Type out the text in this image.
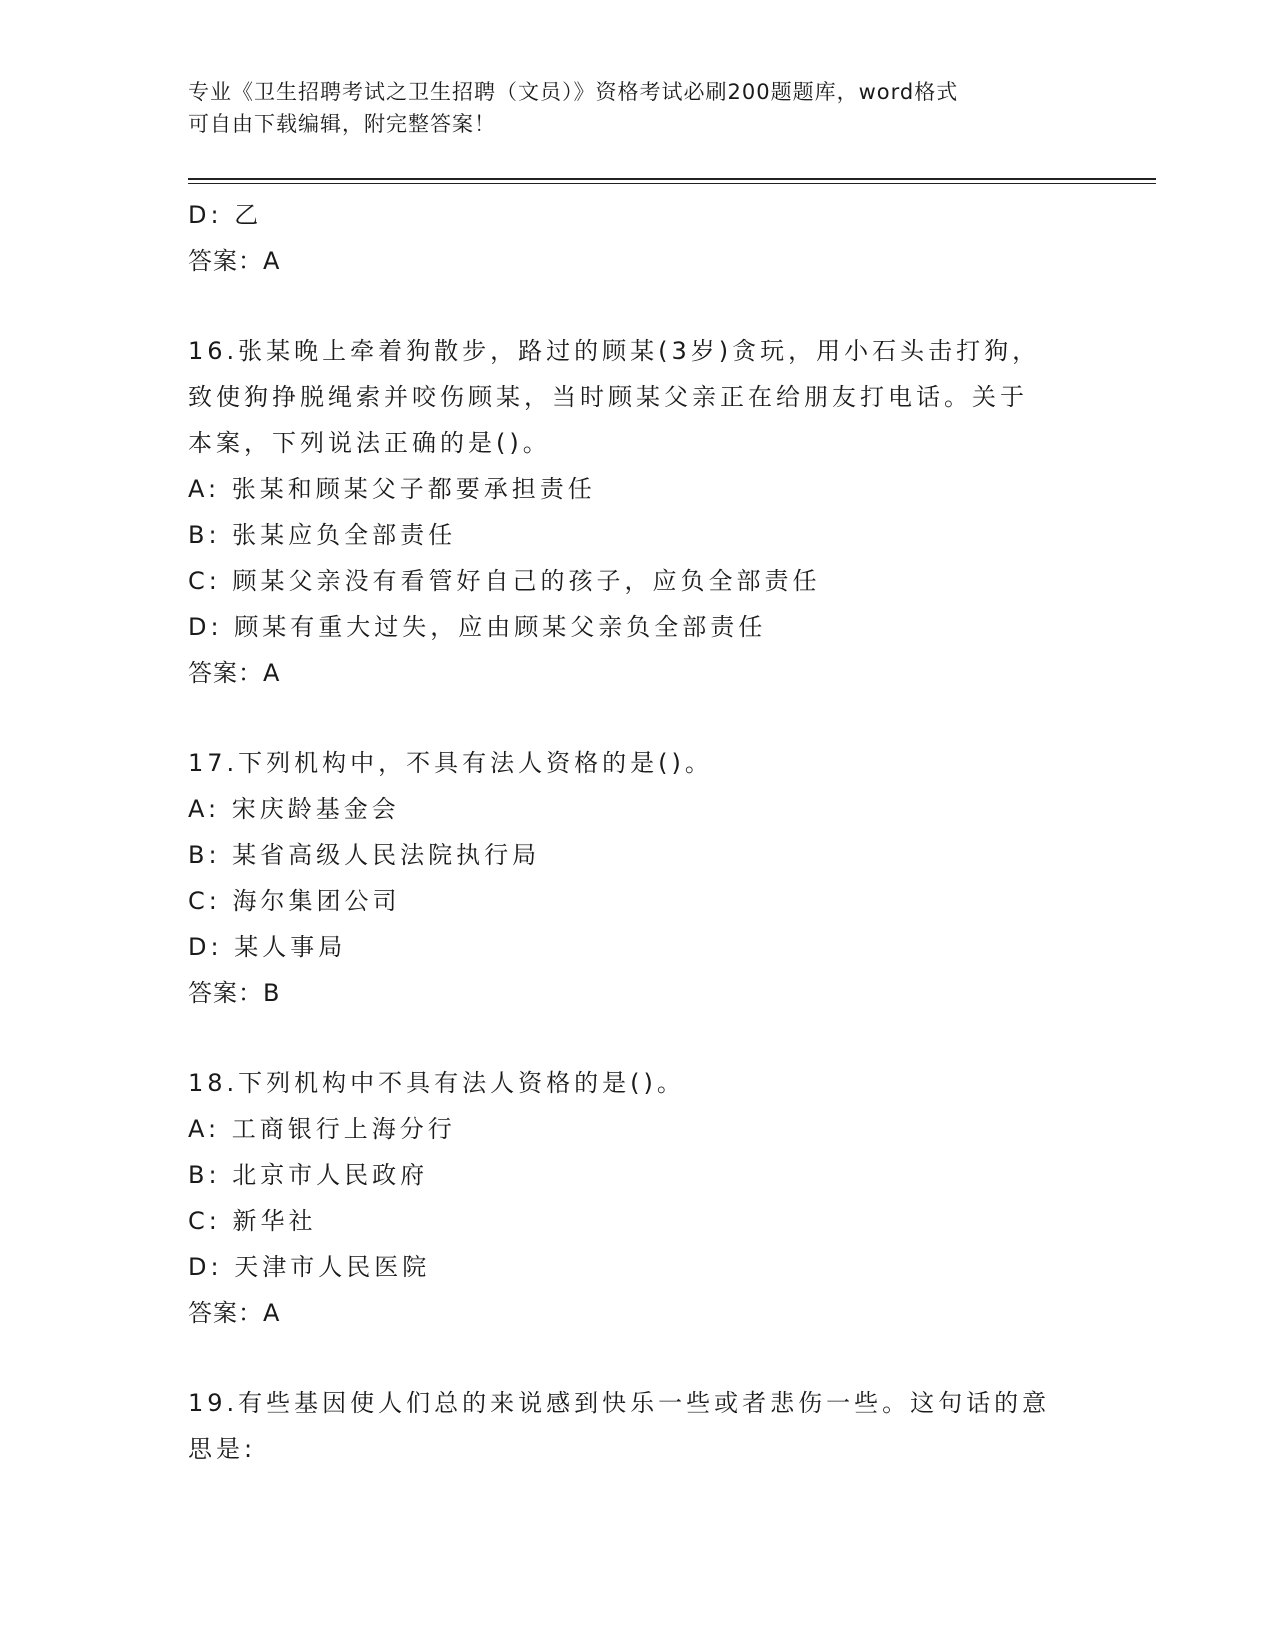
专业《卫生招聘考试之卫生招聘（文员）》资格考试必刷200题题库，word格式
可自由下载编辑，附完整答案！
D: 乙
答案：A
16.张某晚上牵着狗散步，路过的顾某(3岁)贪玩，用小石头击打狗，
致使狗挣脱绳索并咬伤顾某，当时顾某父亲正在给朋友打电话。关于
本案，下列说法正确的是()。
A: 张某和顾某父子都要承担责任
B: 张某应负全部责任
C: 顾某父亲没有看管好自己的孩子，应负全部责任
D: 顾某有重大过失，应由顾某父亲负全部责任
答案：A
17.下列机构中，不具有法人资格的是()。
A: 宋庆龄基金会
B: 某省高级人民法院执行局
C: 海尔集团公司
D: 某人事局
答案：B
18.下列机构中不具有法人资格的是()。
A: 工商银行上海分行
B: 北京市人民政府
C: 新华社
D: 天津市人民医院
答案：A
19.有些基因使人们总的来说感到快乐一些或者悲伤一些。这句话的意
思是:
